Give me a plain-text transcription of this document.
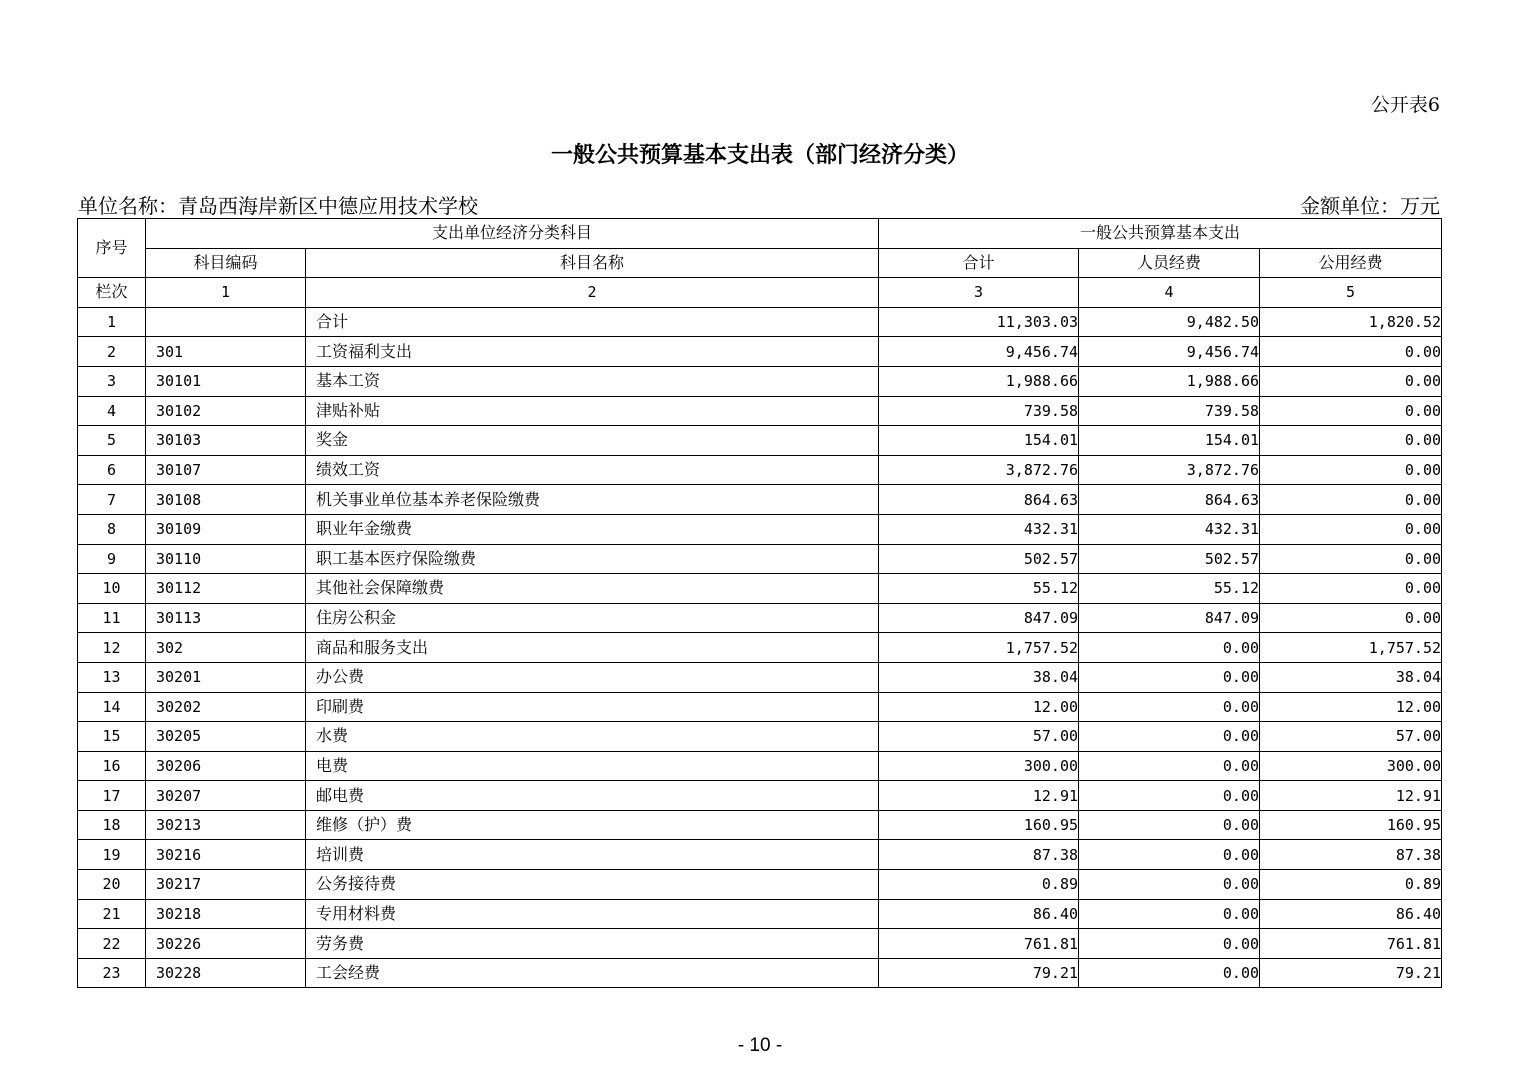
公开表6
一般公共预算基本支出表（部门经济分类）
单位名称：青岛西海岸新区中德应用技术学校	金额单位：万元
序号	支出单位经济分类科目		一般公共预算基本支出		
	科目编码	科目名称	合计	人员经费	公用经费
栏次	1	2	3	4	5
1		合计	11,303.03	9,482.50	1,820.52
2	301	工资福利支出	9,456.74	9,456.74	0.00
3	30101	基本工资	1,988.66	1,988.66	0.00
4	30102	津贴补贴	739.58	739.58	0.00
5	30103	奖金	154.01	154.01	0.00
6	30107	绩效工资	3,872.76	3,872.76	0.00
7	30108	机关事业单位基本养老保险缴费	864.63	864.63	0.00
8	30109	职业年金缴费	432.31	432.31	0.00
9	30110	职工基本医疗保险缴费	502.57	502.57	0.00
10	30112	其他社会保障缴费	55.12	55.12	0.00
11	30113	住房公积金	847.09	847.09	0.00
12	302	商品和服务支出	1,757.52	0.00	1,757.52
13	30201	办公费	38.04	0.00	38.04
14	30202	印刷费	12.00	0.00	12.00
15	30205	水费	57.00	0.00	57.00
16	30206	电费	300.00	0.00	300.00
17	30207	邮电费	12.91	0.00	12.91
18	30213	维修（护）费	160.95	0.00	160.95
19	30216	培训费	87.38	0.00	87.38
20	30217	公务接待费	0.89	0.00	0.89
21	30218	专用材料费	86.40	0.00	86.40
22	30226	劳务费	761.81	0.00	761.81
23	30228	工会经费	79.21	0.00	79.21
- 10 -
